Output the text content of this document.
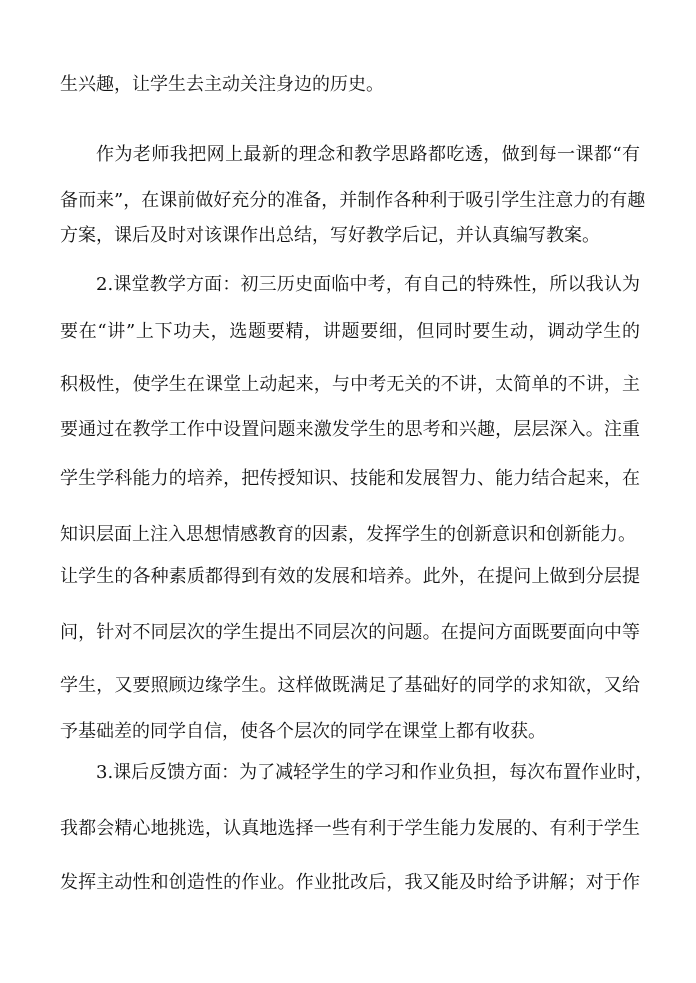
生兴趣，让学生去主动关注身边的历史。
作为老师我把网上最新的理念和教学思路都吃透，做到每一课都“有
备而来”，在课前做好充分的准备，并制作各种利于吸引学生注意力的有趣
方案，课后及时对该课作出总结，写好教学后记，并认真编写教案。
2.课堂教学方面：初三历史面临中考，有自己的特殊性，所以我认为
要在“讲”上下功夫，选题要精，讲题要细，但同时要生动，调动学生的
积极性，使学生在课堂上动起来，与中考无关的不讲，太简单的不讲，主
要通过在教学工作中设置问题来激发学生的思考和兴趣，层层深入。注重
学生学科能力的培养，把传授知识、技能和发展智力、能力结合起来，在
知识层面上注入思想情感教育的因素，发挥学生的创新意识和创新能力。
让学生的各种素质都得到有效的发展和培养。此外，在提问上做到分层提
问，针对不同层次的学生提出不同层次的问题。在提问方面既要面向中等
学生，又要照顾边缘学生。这样做既满足了基础好的同学的求知欲，又给
予基础差的同学自信，使各个层次的同学在课堂上都有收获。
3.课后反馈方面：为了减轻学生的学习和作业负担，每次布置作业时，
我都会精心地挑选，认真地选择一些有利于学生能力发展的、有利于学生
发挥主动性和创造性的作业。作业批改后，我又能及时给予讲解；对于作
